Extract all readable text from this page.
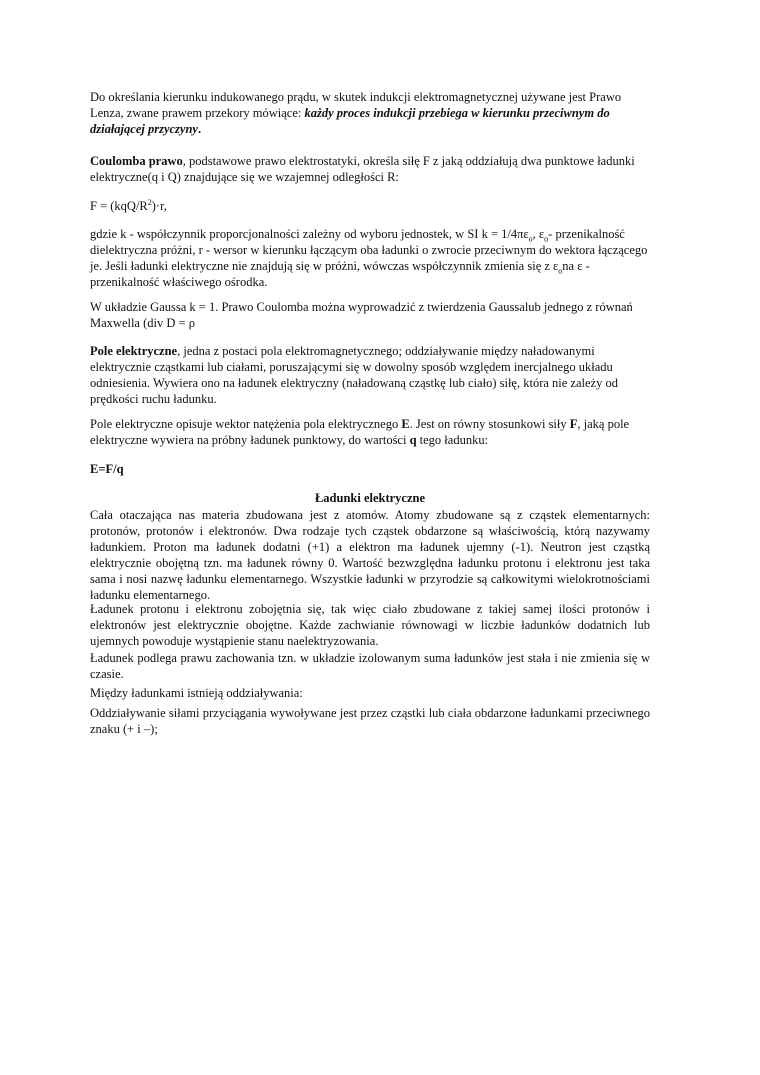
Do określania kierunku indukowanego prądu, w skutek indukcji elektromagnetycznej używane jest Prawo Lenza, zwane prawem przekory mówiące: każdy proces indukcji przebiega w kierunku przeciwnym do działającej przyczyny.

Coulomba prawo, podstawowe prawo elektrostatyki, określa siłę F z jaką oddziałują dwa punktowe ładunki elektryczne(q i Q) znajdujące się we wzajemnej odległości R:

$F = (kqQ/R^2)\cdot r$,

gdzie k - współczynnik proporcjonalności zależny od wyboru jednostek, w SI $k = 1/4\pi\varepsilon_o$, $\varepsilon_o-$ przenikalność dielektryczna próżni, r - wersor w kierunku łączącym oba ładunki o zwrocie przeciwnym do wektora łączącego je. Jeśli ładunki elektryczne nie znajdują się w próżni, wówczas współczynnik zmienia się z $\varepsilon_ona$ ε - przenikalność właściwego ośrodka.

W układzie Gaussa k = 1. Prawo Coulomba można wyprowadzić z twierdzenia Gaussalub jednego z równań Maxwella (div D = ρ

Pole elektryczne, jedna z postaci pola elektromagnetycznego; oddziaływanie między naładowanymi elektrycznie cząstkami lub ciałami, poruszającymi się w dowolny sposób względem inercjalnego układu odniesienia. Wywiera ono na ładunek elektryczny (naładowaną cząstkę lub ciało) siłę, która nie zależy od prędkości ruchu ładunku.

Pole elektryczne opisuje wektor natężenia pola elektrycznego E. Jest on równy stosunkowi siły F, jaką pole elektryczne wywiera na próbny ładunek punktowy, do wartości q tego ładunku:

E=F/q

Ładunki elektryczne

Cała otaczająca nas materia zbudowana jest z atomów. Atomy zbudowane są z cząstek elementarnych: protonów, protonów i elektronów. Dwa rodzaje tych cząstek obdarzone są właściwością, którą nazywamy ładunkiem. Proton ma ładunek dodatni (+1) a elektron ma ładunek ujemny (-1). Neutron jest cząstką elektrycznie obojętną tzn. ma ładunek równy 0. Wartość bezwzględna ładunku protonu i elektronu jest taka sama i nosi nazwę ładunku elementarnego. Wszystkie ładunki w przyrodzie są całkowitymi wielokrotnościami ładunku elementarnego.

Ładunek protonu i elektronu zobojętnia się, tak więc ciało zbudowane z takiej samej ilości protonów i elektronów jest elektrycznie obojętne. Każde zachwianie równowagi w liczbie ładunków dodatnich lub ujemnych powoduje wystąpienie stanu naelektryzowania.

Ładunek podlega prawu zachowania tzn. w układzie izolowanym suma ładunków jest stała i nie zmienia się w czasie.

Między ładunkami istnieją oddziaływania:

Oddziaływanie siłami przyciągania wywoływane jest przez cząstki lub ciała obdarzone ładunkami przeciwnego znaku (+ i –);
